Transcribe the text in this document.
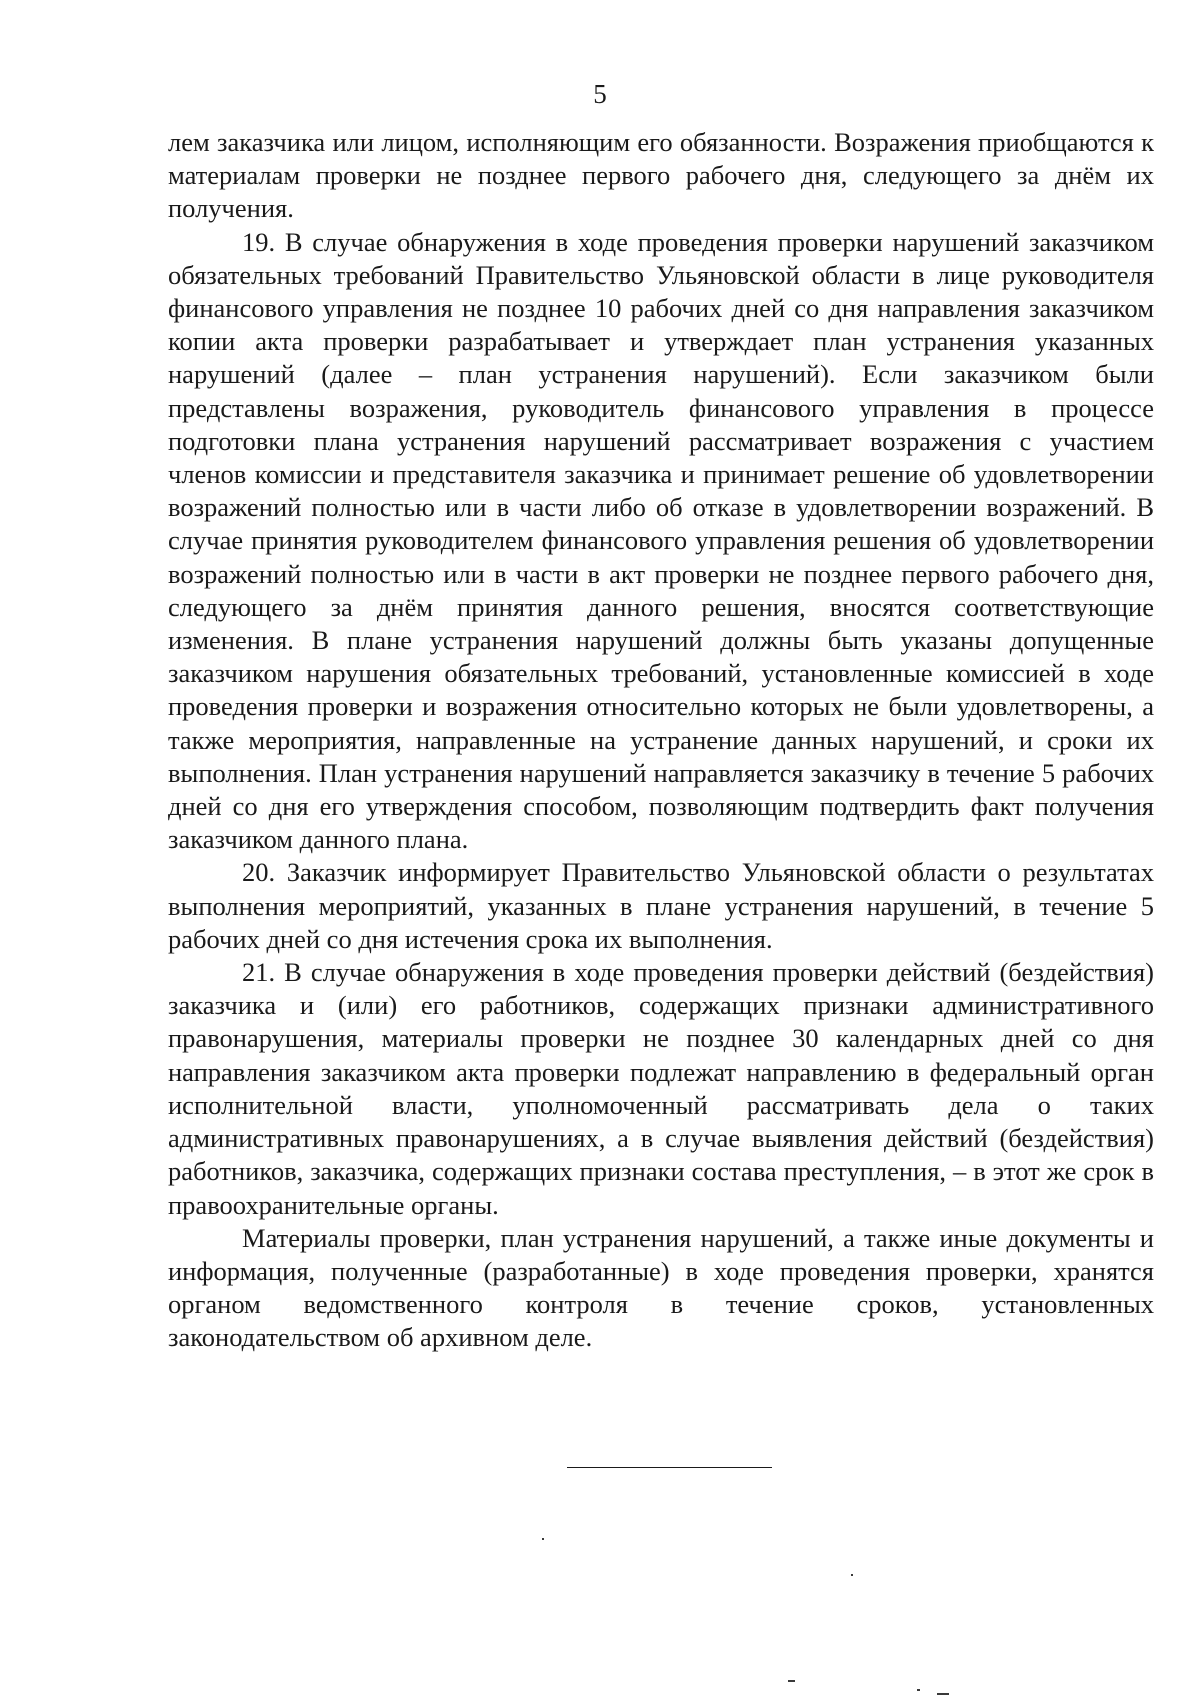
5

лем заказчика или лицом, исполняющим его обязанности. Возражения приобщаются к материалам проверки не позднее первого рабочего дня, следующего за днём их получения.

19. В случае обнаружения в ходе проведения проверки нарушений заказчиком обязательных требований Правительство Ульяновской области в лице руководителя финансового управления не позднее 10 рабочих дней со дня направления заказчиком копии акта проверки разрабатывает и утверждает план устранения указанных нарушений (далее – план устранения нарушений). Если заказчиком были представлены возражения, руководитель финансового управления в процессе подготовки плана устранения нарушений рассматривает возражения с участием членов комиссии и представителя заказчика и принимает решение об удовлетворении возражений полностью или в части либо об отказе в удовлетворении возражений. В случае принятия руководителем финансового управления решения об удовлетворении возражений полностью или в части в акт проверки не позднее первого рабочего дня, следующего за днём принятия данного решения, вносятся соответствующие изменения. В плане устранения нарушений должны быть указаны допущенные заказчиком нарушения обязательных требований, установленные комиссией в ходе проведения проверки и возражения относительно которых не были удовлетворены, а также мероприятия, направленные на устранение данных нарушений, и сроки их выполнения. План устранения нарушений направляется заказчику в течение 5 рабочих дней со дня его утверждения способом, позволяющим подтвердить факт получения заказчиком данного плана.

20. Заказчик информирует Правительство Ульяновской области о результатах выполнения мероприятий, указанных в плане устранения нарушений, в течение 5 рабочих дней со дня истечения срока их выполнения.

21. В случае обнаружения в ходе проведения проверки действий (бездействия) заказчика и (или) его работников, содержащих признаки административного правонарушения, материалы проверки не позднее 30 календарных дней со дня направления заказчиком акта проверки подлежат направлению в федеральный орган исполнительной власти, уполномоченный рассматривать дела о таких административных правонарушениях, а в случае выявления действий (бездействия) работников, заказчика, содержащих признаки состава преступления, – в этот же срок в правоохранительные органы.

Материалы проверки, план устранения нарушений, а также иные документы и информация, полученные (разработанные) в ходе проведения проверки, хранятся органом ведомственного контроля в течение сроков, установленных законодательством об архивном деле.
